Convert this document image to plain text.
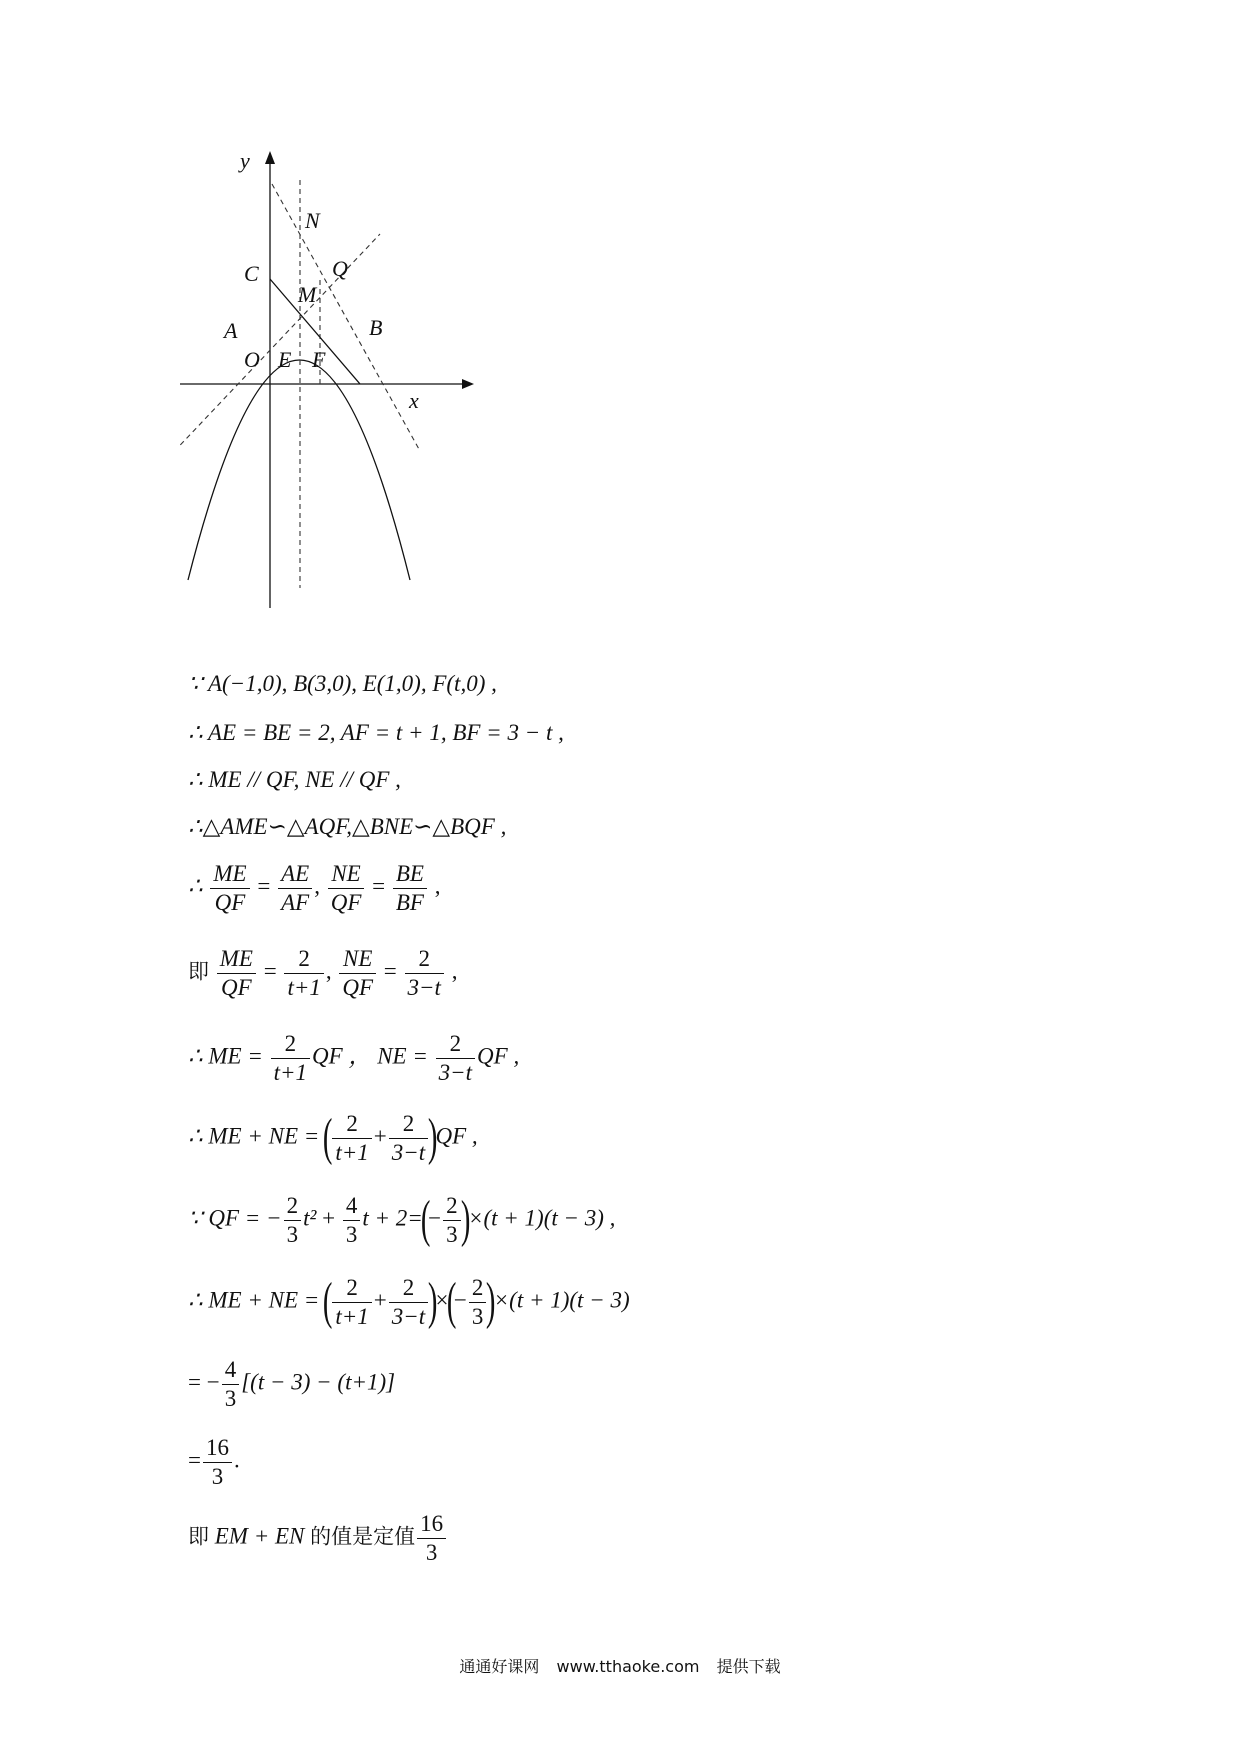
y
x
N
C	Q
M
A	B
O E F
∵ A(−1,0), B(3,0), E(1,0), F(t,0) ,
∴ AE = BE = 2, AF = t + 1, BF = 3 − t ,
∴ ME // QF, NE // QF ,
∴△AME∽△AQF,△BNE∽△BQF ,
∴ $\frac{ME}{QF} = \frac{AE}{AF}$ , $\frac{NE}{QF} = \frac{BE}{BF}$ ,
即 $\frac{ME}{QF} = \frac{2}{t+1}$ , $\frac{NE}{QF} = \frac{2}{3-t}$ ,
∴ ME = $\frac{2}{t+1}$ QF ， NE = $\frac{2}{3-t}$ QF ,
∴ ME + NE = ( $\frac{2}{t+1} + \frac{2}{3-t} )QF$ ,
∵ QF = − $\frac{2}{3} t^2 + \frac{4}{3}$ $t + 2=(- \frac{2}{3} )\times(t + 1)(t - 3)$ ,
∴ ME + NE = ( $\frac{2}{t+1} + \frac{2}{3-t}$ )×(− $\frac{2}{3} )\times(t + 1)(t - 3)$
= − $\frac{4}{3} [(t - 3) - (t+1)]$
= $\frac{16}{3}$ .
即 EM + EN 的值是定值 $\frac{16}{3}$
通通好课网 www.tthaoke.com 提供下载
